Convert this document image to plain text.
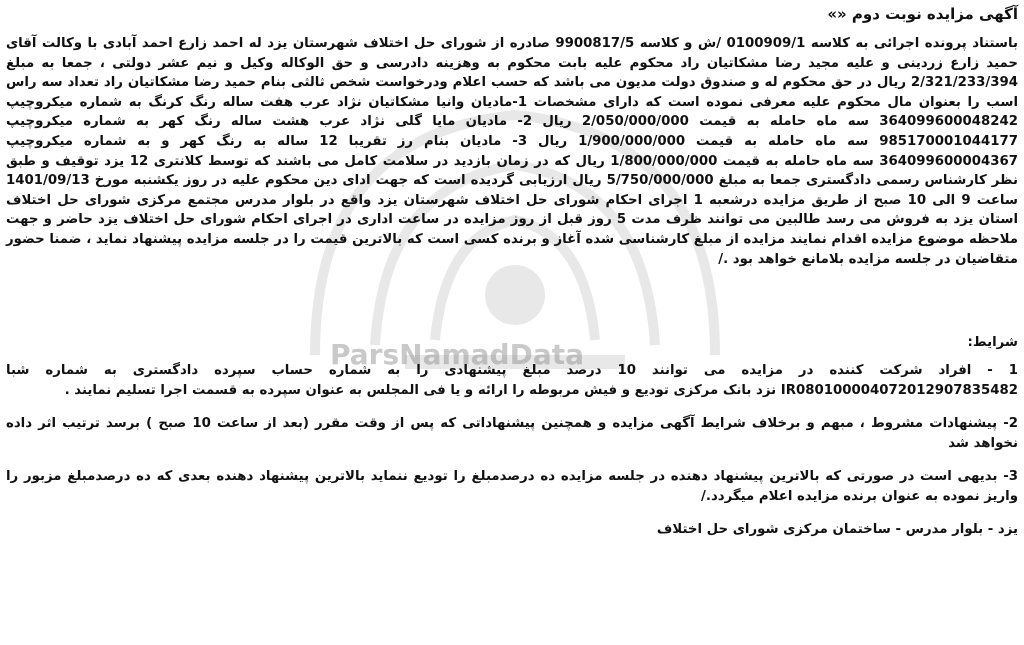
ParsNamadData

آگهی مزایده نوبت دوم «»

باستناد پرونده اجرائی به کلاسه 0100909/1 /ش و کلاسه 9900817/5 صادره از شورای حل اختلاف شهرستان یزد له احمد زارع احمد آبادی با وکالت آقای حمید زارع زردینی و علیه مجید رضا مشکاتیان راد محکوم علیه بابت محکوم به وهزینه دادرسی و حق الوکاله وکیل و نیم عشر دولتی ، جمعا به مبلغ 2/321/233/394 ریال در حق محکوم له و صندوق دولت مدیون می باشد که حسب اعلام ودرخواست شخص ثالثی بنام حمید رضا مشکاتیان راد تعداد سه راس اسب را بعنوان مال محکوم علیه معرفی نموده است که دارای مشخصات 1-مادیان وانیا مشکاتیان نژاد عرب هفت ساله رنگ کرنگ به شماره میکروچیپ 364099600048242 سه ماه حامله به قیمت 2/050/000/000 ریال 2- مادیان مایا گلی نژاد عرب هشت ساله رنگ کهر به شماره میکروچیپ 985170001044177 سه ماه حامله به قیمت 1/900/000/000 ریال 3- مادیان بنام رز تقریبا 12 ساله به رنگ کهر و به شماره میکروچیپ 364099600004367 سه ماه حامله به قیمت 1/800/000/000 ریال که در زمان بازدید در سلامت کامل می باشند که توسط کلانتری 12 یزد توقیف و طبق نظر کارشناس رسمی دادگستری جمعا به مبلغ 5/750/000/000 ریال ارزیابی گردیده است که جهت ادای دین محکوم علیه در روز یکشنبه مورخ 1401/09/13 ساعت 9 الی 10 صبح از طریق مزایده درشعبه 1 اجرای احکام شورای حل اختلاف شهرستان یزد واقع در بلوار مدرس مجتمع مرکزی شورای حل اختلاف استان یزد به فروش می رسد طالبین می توانند ظرف مدت 5 روز قبل از روز مزایده در ساعت اداری در اجرای احکام شورای حل اختلاف یزد حاضر و جهت ملاحظه موضوع مزایده اقدام نمایند مزایده از مبلغ کارشناسی شده آغاز و برنده کسی است که بالاترین قیمت را در جلسه مزایده پیشنهاد نماید ، ضمنا حضور متقاضیان در جلسه مزایده بلامانع خواهد بود ./

شرایط:

1 - افراد شرکت کننده در مزایده می توانند 10 درصد مبلغ پیشنهادی را به شماره حساب سپرده دادگستری به شماره شبا IR080100004072012907835482 نزد بانک مرکزی تودیع و فیش مربوطه را ارائه و یا فی المجلس به عنوان سپرده به قسمت اجرا تسلیم نمایند .

2- پیشنهادات مشروط ، مبهم و برخلاف شرایط آگهی مزایده و همچنین پیشنهاداتی که پس از وقت مقرر (بعد از ساعت 10 صبح ) برسد ترتیب اثر داده نخواهد شد

3- بدیهی است در صورتی که بالاترین پیشنهاد دهنده در جلسه مزایده ده درصدمبلغ را تودیع ننماید بالاترین پیشنهاد دهنده بعدی که ده درصدمبلغ مزبور را واریز نموده به عنوان برنده مزایده اعلام میگردد./

یزد - بلوار مدرس - ساختمان مرکزی شورای حل اختلاف
